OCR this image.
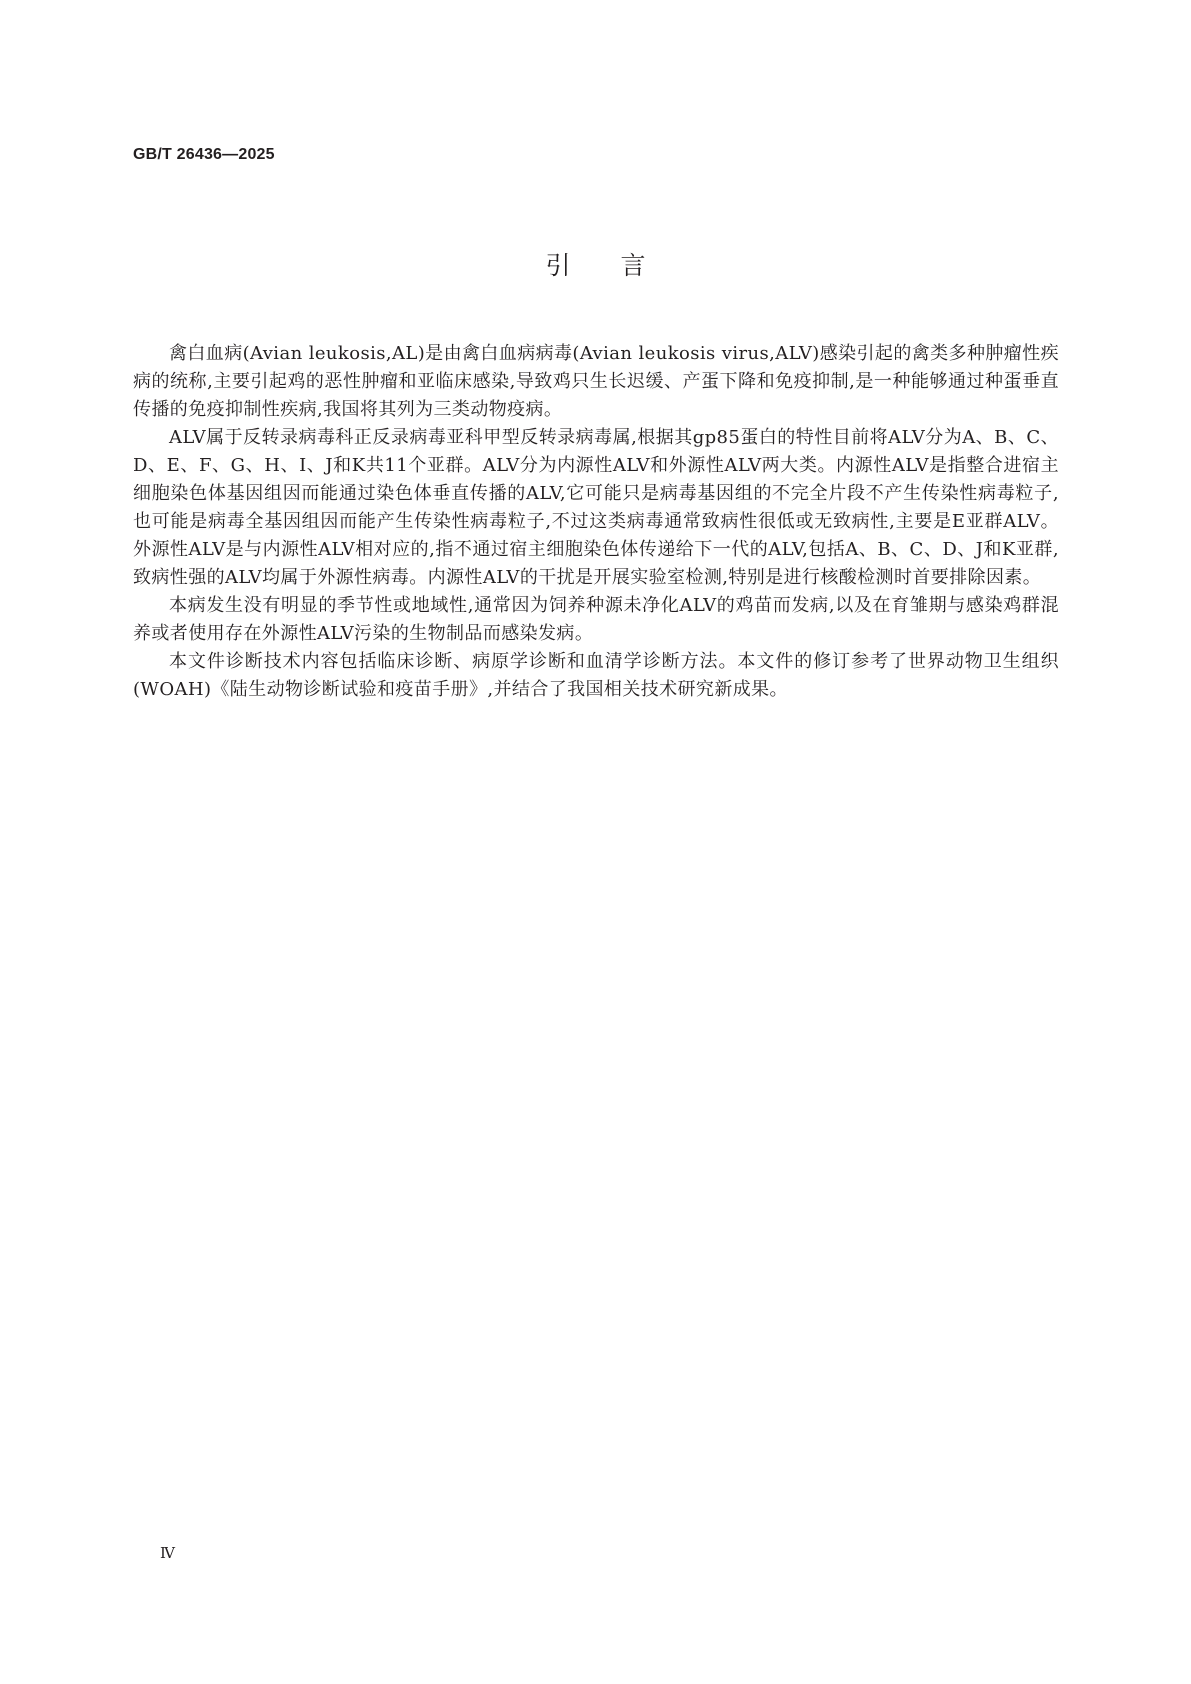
GB/T 26436—2025
引言

禽白血病(Avian leukosis,AL)是由禽白血病病毒(Avian leukosis virus,ALV)感染引起的禽类多种肿瘤性疾病的统称,主要引起鸡的恶性肿瘤和亚临床感染,导致鸡只生长迟缓、产蛋下降和免疫抑制,是一种能够通过种蛋垂直传播的免疫抑制性疾病,我国将其列为三类动物疫病。

ALV属于反转录病毒科正反录病毒亚科甲型反转录病毒属,根据其gp85蛋白的特性目前将ALV分为A、B、C、D、E、F、G、H、I、J和K共11个亚群。ALV分为内源性ALV和外源性ALV两大类。内源性ALV是指整合进宿主细胞染色体基因组因而能通过染色体垂直传播的ALV,它可能只是病毒基因组的不完全片段不产生传染性病毒粒子,也可能是病毒全基因组因而能产生传染性病毒粒子,不过这类病毒通常致病性很低或无致病性,主要是E亚群ALV。外源性ALV是与内源性ALV相对应的,指不通过宿主细胞染色体传递给下一代的ALV,包括A、B、C、D、J和K亚群,致病性强的ALV均属于外源性病毒。内源性ALV的干扰是开展实验室检测,特别是进行核酸检测时首要排除因素。

本病发生没有明显的季节性或地域性,通常因为饲养种源未净化ALV的鸡苗而发病,以及在育雏期与感染鸡群混养或者使用存在外源性ALV污染的生物制品而感染发病。

本文件诊断技术内容包括临床诊断、病原学诊断和血清学诊断方法。本文件的修订参考了世界动物卫生组织(WOAH)《陆生动物诊断试验和疫苗手册》,并结合了我国相关技术研究新成果。

Ⅳ
